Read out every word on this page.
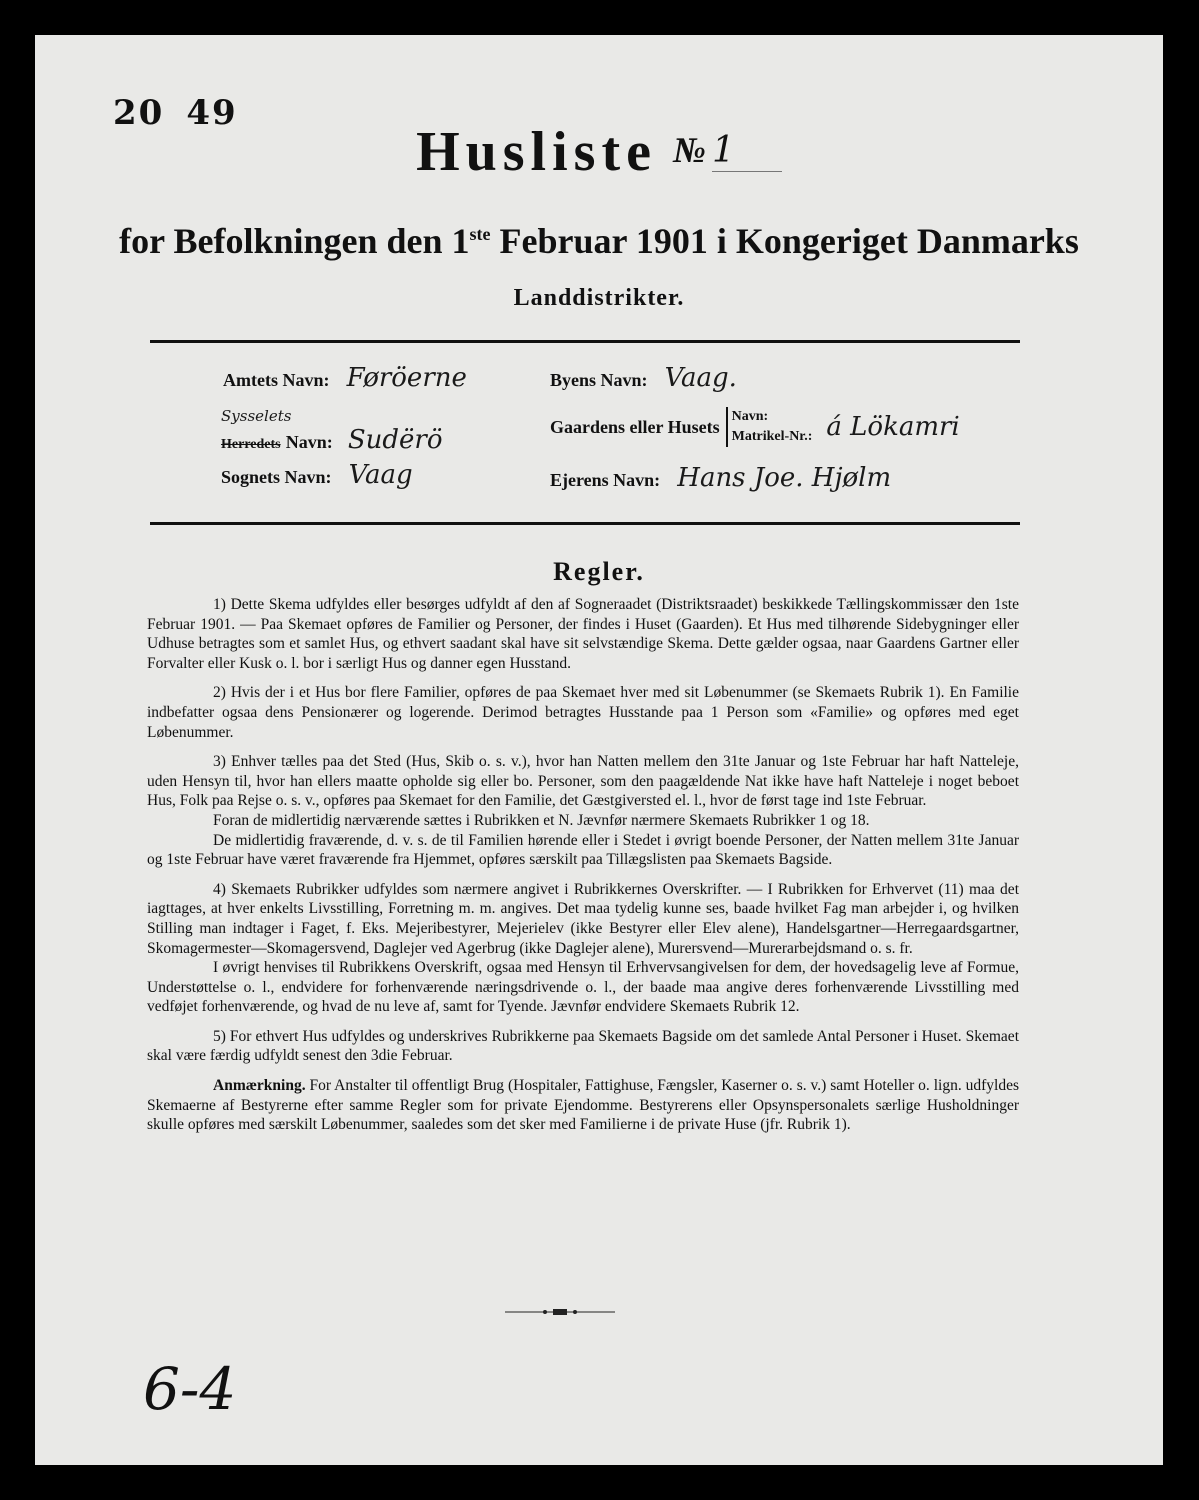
20 49
Husliste № 1
for Befolkningen den 1ste Februar 1901 i Kongeriget Danmarks
Landdistrikter.
Amtets Navn: Føröerne
Sysselets
Herredets Navn: Sudërö
Sognets Navn: Vaag
Byens Navn: Vaag.
Gaardens eller Husets Navn:
Matrikel-Nr.: á Lökamri
Ejerens Navn: Hans Joe. Hjølm
Regler.

1) Dette Skema udfyldes eller besørges udfyldt af den af Sogneraadet (Distriktsraadet) beskikkede Tællingskommissær den 1ste Februar 1901. — Paa Skemaet opføres de Familier og Personer, der findes i Huset (Gaarden). Et Hus med tilhørende Sidebygninger eller Udhuse betragtes som et samlet Hus, og ethvert saadant skal have sit selvstændige Skema. Dette gælder ogsaa, naar Gaardens Gartner eller Forvalter eller Kusk o. l. bor i særligt Hus og danner egen Husstand.

2) Hvis der i et Hus bor flere Familier, opføres de paa Skemaet hver med sit Løbenummer (se Skemaets Rubrik 1). En Familie indbefatter ogsaa dens Pensionærer og logerende. Derimod betragtes Husstande paa 1 Person som «Familie» og opføres med eget Løbenummer.

3) Enhver tælles paa det Sted (Hus, Skib o. s. v.), hvor han Natten mellem den 31te Januar og 1ste Februar har haft Natteleje, uden Hensyn til, hvor han ellers maatte opholde sig eller bo. Personer, som den paagældende Nat ikke have haft Natteleje i noget beboet Hus, Folk paa Rejse o. s. v., opføres paa Skemaet for den Familie, det Gæstgiversted el. l., hvor de først tage ind 1ste Februar.

Foran de midlertidig nærværende sættes i Rubrikken et N. Jævnfør nærmere Skemaets Rubrikker 1 og 18.

De midlertidig fraværende, d. v. s. de til Familien hørende eller i Stedet i øvrigt boende Personer, der Natten mellem 31te Januar og 1ste Februar have været fraværende fra Hjemmet, opføres særskilt paa Tillægslisten paa Skemaets Bagside.

4) Skemaets Rubrikker udfyldes som nærmere angivet i Rubrikkernes Overskrifter. — I Rubrikken for Erhvervet (11) maa det iagttages, at hver enkelts Livsstilling, Forretning m. m. angives. Det maa tydelig kunne ses, baade hvilket Fag man arbejder i, og hvilken Stilling man indtager i Faget, f. Eks. Mejeribestyrer, Mejerielev (ikke Bestyrer eller Elev alene), Handelsgartner—Herregaardsgartner, Skomagermester—Skomagersvend, Daglejer ved Agerbrug (ikke Daglejer alene), Murersvend—Murerarbejdsmand o. s. fr.

I øvrigt henvises til Rubrikkens Overskrift, ogsaa med Hensyn til Erhvervsangivelsen for dem, der hovedsagelig leve af Formue, Understøttelse o. l., endvidere for forhenværende næringsdrivende o. l., der baade maa angive deres forhenværende Livsstilling med vedføjet forhenværende, og hvad de nu leve af, samt for Tyende. Jævnfør endvidere Skemaets Rubrik 12.

5) For ethvert Hus udfyldes og underskrives Rubrikkerne paa Skemaets Bagside om det samlede Antal Personer i Huset. Skemaet skal være færdig udfyldt senest den 3die Februar.

Anmærkning. For Anstalter til offentligt Brug (Hospitaler, Fattighuse, Fængsler, Kaserner o. s. v.) samt Hoteller o. lign. udfyldes Skemaerne af Bestyrerne efter samme Regler som for private Ejendomme. Bestyrerens eller Opsynspersonalets særlige Husholdninger skulle opføres med særskilt Løbenummer, saaledes som det sker med Familierne i de private Huse (jfr. Rubrik 1).

6-4
